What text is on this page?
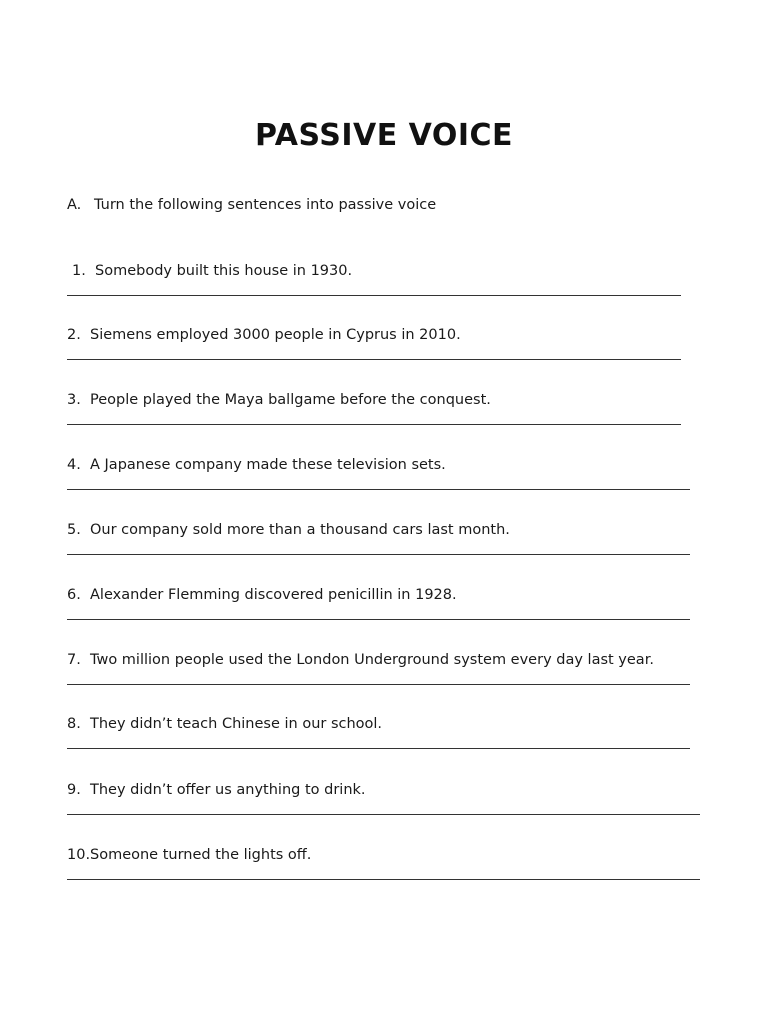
PASSIVE VOICE
A. Turn the following sentences into passive voice
1. Somebody built this house in 1930.
2. Siemens employed 3000 people in Cyprus in 2010.
3. People played the Maya ballgame before the conquest.
4. A Japanese company made these television sets.
5. Our company sold more than a thousand cars last month.
6. Alexander Flemming discovered penicillin in 1928.
7. Two million people used the London Underground system every day last year.
8. They didn’t teach Chinese in our school.
9. They didn’t offer us anything to drink.
10.Someone turned the lights off.
